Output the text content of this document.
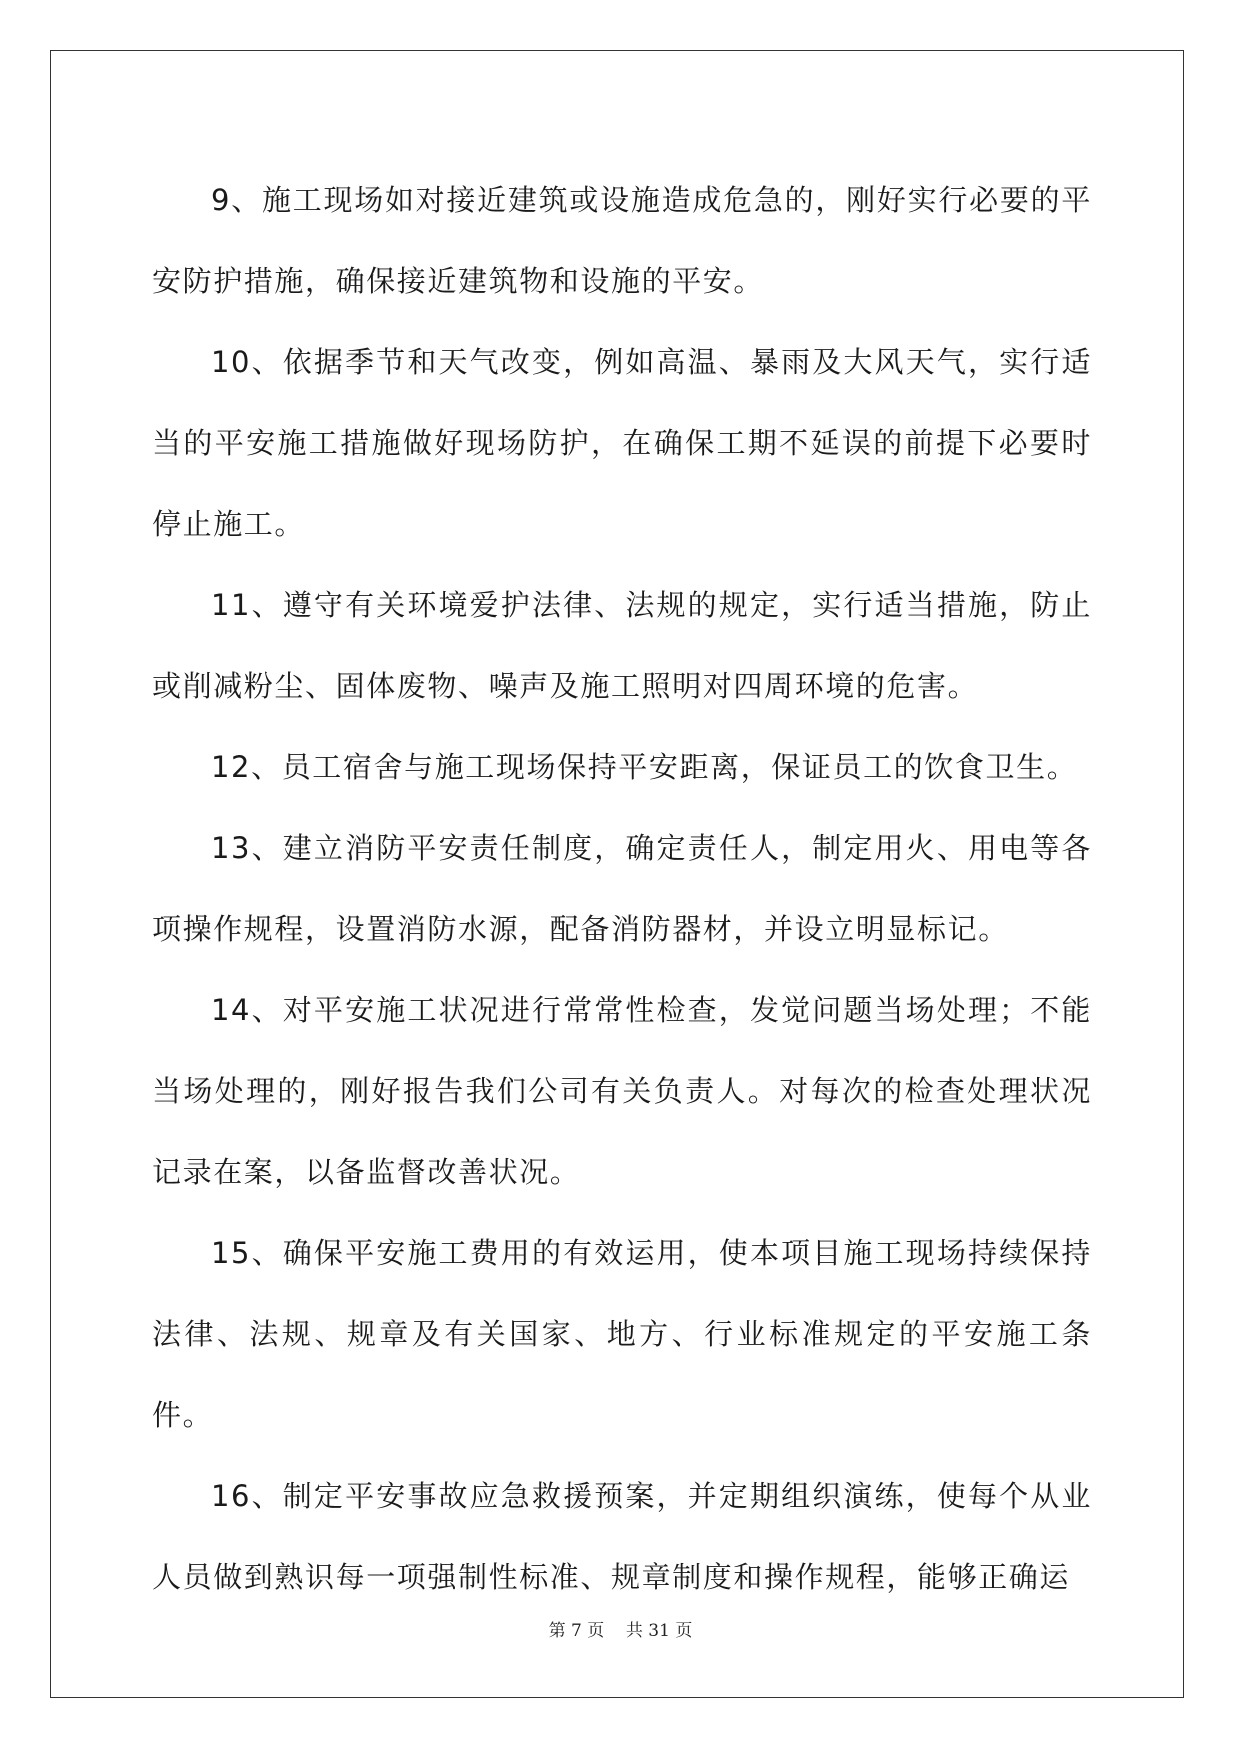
9、施工现场如对接近建筑或设施造成危急的，刚好实行必要的平安防护措施，确保接近建筑物和设施的平安。

10、依据季节和天气改变，例如高温、暴雨及大风天气，实行适当的平安施工措施做好现场防护，在确保工期不延误的前提下必要时停止施工。

11、遵守有关环境爱护法律、法规的规定，实行适当措施，防止或削减粉尘、固体废物、噪声及施工照明对四周环境的危害。

12、员工宿舍与施工现场保持平安距离，保证员工的饮食卫生。

13、建立消防平安责任制度，确定责任人，制定用火、用电等各项操作规程，设置消防水源，配备消防器材，并设立明显标记。

14、对平安施工状况进行常常性检查，发觉问题当场处理；不能当场处理的，刚好报告我们公司有关负责人。对每次的检查处理状况记录在案，以备监督改善状况。

15、确保平安施工费用的有效运用，使本项目施工现场持续保持法律、法规、规章及有关国家、地方、行业标准规定的平安施工条件。

16、制定平安事故应急救援预案，并定期组织演练，使每个从业人员做到熟识每一项强制性标准、规章制度和操作规程，能够正确运

第 7 页    共 31 页
